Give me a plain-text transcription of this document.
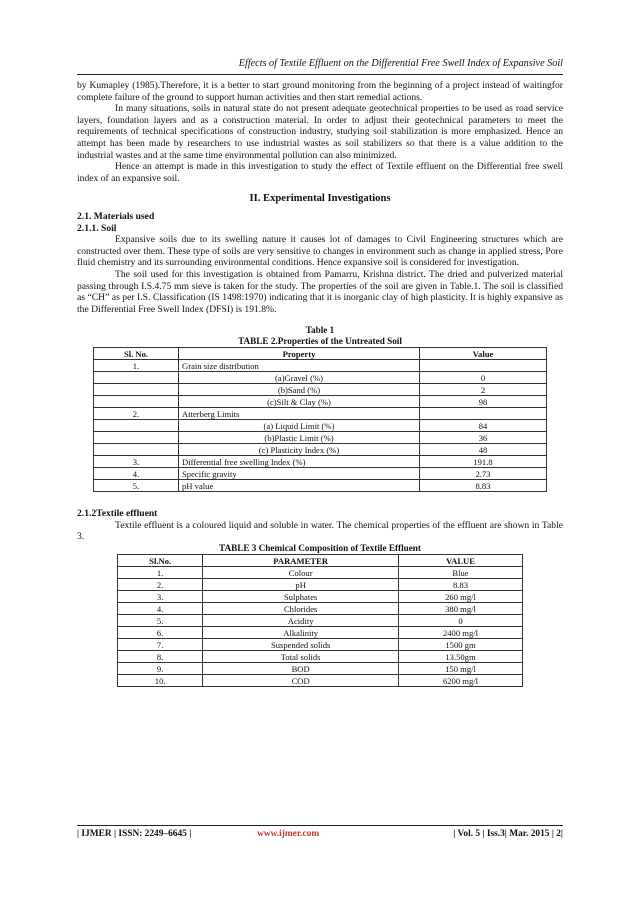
Effects of Textile Effluent on the Differential Free Swell Index of Expansive Soil

by Kumapley (1985).Therefore, it is a better to start ground monitoring from the beginning of a project instead of waitingfor complete failure of the ground to support human activities and then start remedial actions.

In many situations, soils in natural state do not present adequate geotechnical properties to be used as road service layers, foundation layers and as a construction material. In order to adjust their geotechnical parameters to meet the requirements of technical specifications of construction industry, studying soil stabilization is more emphasized. Hence an attempt has been made by researchers to use industrial wastes as soil stabilizers so that there is a value addition to the industrial wastes and at the same time environmental pollution can also minimized.

Hence an attempt is made in this investigation to study the effect of Textile effluent on the Differential free swell index of an expansive soil.

II. Experimental Investigations
2.1. Materials used
2.1.1. Soil

Expansive soils due to its swelling nature it causes lot of damages to Civil Engineering structures which are constructed over them. These type of soils are very sensitive to changes in environment such as change in applied stress, Pore fluid chemistry and its surrounding environmental conditions. Hence expansive soil is considered for investigation.

The soil used for this investigation is obtained from Pamarru, Krishna district. The dried and pulverized material passing through I.S.4.75 mm sieve is taken for the study. The properties of the soil are given in Table.1. The soil is classified as “CH” as per I.S. Classification (IS 1498:1970) indicating that it is inorganic clay of high plasticity. It is highly expansive as the Differential Free Swell Index (DFSI) is 191.8%.

Table 1
TABLE 2.Properties of the Untreated Soil
Sl. No.	Property	Value
1.	Grain size distribution	
	(a)Gravel (%)	0
	(b)Sand (%)	2
	(c)Silt & Clay (%)	98
2.	Atterberg Limits	
	(a) Liquid Limit (%)	84
	(b)Plastic Limit (%)	36
	(c) Plasticity Index (%)	48
3.	Differential free swelling Index (%)	191.8
4.	Specific gravity	2.73
5.	pH value	8.83
2.1.2Textile effluent

Textile effluent is a coloured liquid and soluble in water. The chemical properties of the effluent are shown in Table 3.

TABLE 3 Chemical Composition of Textile Effluent
Sl.No.	PARAMETER	VALUE
1.	Colour	Blue
2.	pH	8.83
3.	Sulphates	260 mg/l
4.	Chlorides	380 mg/l
5.	Acidity	0
6.	Alkalinity	2400 mg/l
7.	Suspended solids	1500 gm
8.	Total solids	13.50gm
9.	BOD	150 mg/l
10.	COD	6200 mg/l
| IJMER | ISSN: 2249–6645 |	www.ijmer.com	| Vol. 5 | Iss.3| Mar. 2015 | 2|
